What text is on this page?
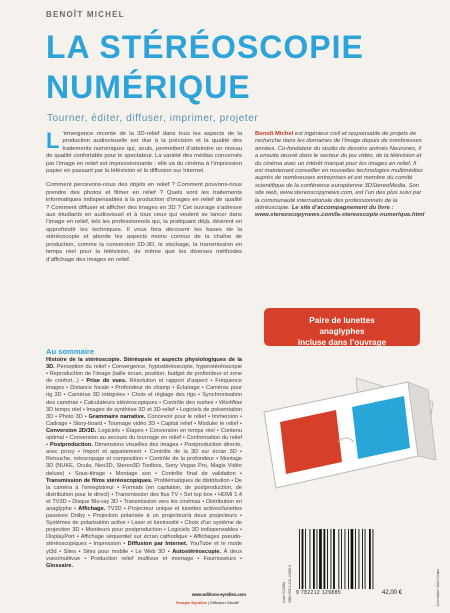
BENOÎT MICHEL
LA STÉRÉOSCOPIE
NUMÉRIQUE
Tourner, éditer, diffuser, imprimer, projeter

L ’émergence récente de la 3D-relief dans tous les aspects de la production audiovisuelle est due à la précision et la qualité des traitements numériques qui, seuls, permettent d’atteindre un niveau de qualité confortable pour le spectateur. La variété des médias concernés par l’image en relief est impressionnante : elle va du cinéma à l’impression papier en passant par la télévision et la diffusion sur Internet.

Comment percevons-nous des objets en relief ? Comment pouvons-nous prendre des photos et filmer en relief ? Quels sont les traitements informatiques indispensables à la production d’images en relief de qualité ? Comment diffuser et afficher des images en 3D ? Cet ouvrage s’adresse aux étudiants en audiovisuel et à tous ceux qui veulent se lancer dans l’image en relief, tels les professionnels qui, la pratiquant déjà, désirent en approfondir les techniques. Il vous fera découvrir les bases de la stéréoscopie et aborde les aspects moins connus de la chaîne de production, comme la conversion 2D-3D, le stockage, la transmission en temps réel pour la télévision, de même que les diverses méthodes d’affichage des images en relief.

Benoît Michel est ingénieur civil et responsable de projets de recherche dans les domaines de l’image depuis de nombreuses années. Co-fondateur du studio de dessins animés Neurones, il a ensuite œuvré dans le secteur du jeu vidéo, de la télévision et du cinéma avec un intérêt marqué pour les images en relief. Il est maintenant conseiller en nouvelles technologies multimédias auprès de nombreuses entreprises et est membre du comité scientifique de la conférence européenne 3DStereoMedia. Son site web, www.stereoscopynews.com, est l’un des plus suivi par la communauté internationale des professionnels de la stéréoscopie. Le site d’accompagnement du livre : www.stereoscopynews.com/la-stereoscopie-numerique.html
Paire de lunettes
anaglyphes
incluse dans l’ouvrage
Au sommaire
Histoire de la stéréoscopie. Stéréopsie et aspects physiologiques de la 3D. Perception du relief • Convergence, hypostéréoscopie, hyperstéréoscopie • Reproduction de l’image (taille écran, position, budget de profondeur et zone de confort...) • Prise de vues. Résolution et rapport d’aspect • Fréquence images • Distance focale • Profondeur de champ • Éclairage • Caméras pour rig 3D • Caméras 3D intégrées • Choix et réglage des rigs • Synchronisation des caméras • Calculateurs stéréoscopiques • Contrôle des rushes • Workflow 3D temps réel • Images de synthèse 3D et 3D-relief • Logiciels de présentation 3D • Photo 3D • Grammaire narrative. Concevoir pour le relief • Immersion • Cadrage • Story-board • Tournage vidéo 3D • Capital relief • Moduler le relief • Conversion 2D/3D. Logiciels • Étapes • Conversion en temps réel • Contenu optimal • Conversion au secours du tournage en relief • Conformation du relief • Postproduction. Dimensions visuelles des images • Postproduction directe, avec proxy • Import et appariement • Contrôle de la 3D sur écran 3D • Retouche, rotoscopage et composition • Contrôle de la profondeur • Montage 3D (NUKE, Ocula, Neo3D, Stereo3D Toolbox, Sony Vegas Pro, Magix Vidéo deluxe) • Sous-titrage • Montage son • Contrôle final de validation • Transmission de films stéréoscopiques. Problématiques de distribution • De la caméra à l’enregistreur • Formats (en captation, de postproduction, de distribution pour le direct) • Transmission des flux TV • Set top box • HDMI 1.4 et TV3D • Disque Blu-ray 3D • Transmission vers les cinémas • Distribution en anaglyphe • Affichage. TV3D • Projecteur unique et lunettes actives/lunettes passives Dolby • Projection polarisée à un projecteur/à deux projecteurs • Systèmes de polarisation active • Laser et luminosité • Choix d’un système de projection 3D • Moniteurs pour postproduction • Logiciels 3D indispensables • DisplayPort • Affichage séquentiel sur écran cathodique • Affichages pseudo-stéréoscopiques • Impression • Diffusion par Internet. YouTube et le mode yt3d • Sites • Sites pour mobile • Le Web 3D • Autostéréoscopie. À deux vues/multivue • Production relief multivue et montage • Fournisseurs • Glossaire.
www.editions-eyrolles.com
Groupe Eyrolles | Diffusion Geodif	Code G12988 ISBN 978-2-212-12988-5 9 782212 129885	42,00 €	Conception Nord Compo
